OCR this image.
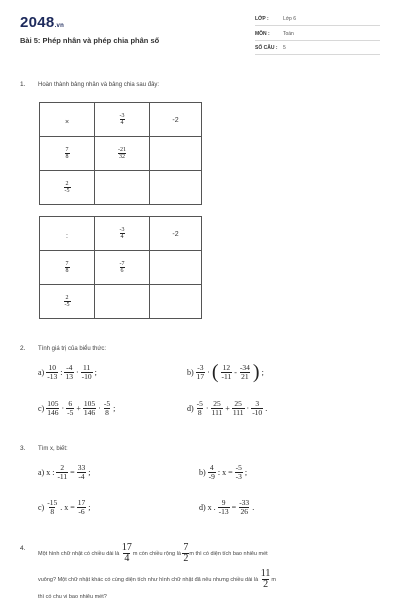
2048.vn
Bài 5: Phép nhân và phép chia phân số
LỚP :	Lớp 6
MÔN :	Toán
SỐ CÂU : 5
1. Hoàn thành bảng nhân và bảng chia sau đây:
×	$\frac{-3}{4}$	-2

$\frac{7}{8}$	$\frac{-21}{32}$

$\frac{2}{-5}$

:	$\frac{-3}{4}$	-2

$\frac{7}{8}$	$\frac{-7}{6}$

$\frac{2}{-5}$

2. Tính giá trị của biểu thức:
$a) \frac{10}{-13}$ : $\frac{-4}{13} \cdot \frac{11}{-10}$ ;	$b) \frac{-3}{17}$ · ( $\frac{12}{-11} - \frac{-34}{21}$ ) ;
$c) \frac{105}{146} \cdot \frac{6}{-5} + \frac{105}{146} \cdot \frac{-5}{8}$ ;	$d) \frac{-5}{8} \cdot \frac{25}{111} + \frac{25}{111} \cdot \frac{3}{-10}$ .
3. Tìm x, biết:
a) x : $\frac{2}{-11} = \frac{33}{-4}$ ;	$b) \frac{4}{-9}$ : $x = \frac{-5}{-3}$ ;
$c) \frac{-15}{8}$ . $x = \frac{17}{-6}$ ;	d) x . $\frac{9}{-13} = \frac{-33}{26}$ .
4.
Một hình chữ nhật có chiều dài là
$\frac{17}{4}$ m còn chiều rộng là
$\frac{7}{2}$ m thì có diện tích bao nhiêu mét
vuông? Một chữ nhật khác có cùng diện tích như hình chữ nhật đã nêu nhưng chiều dài là
$\frac{11}{2}$ m
thì có chu vi bao nhiêu mét?
